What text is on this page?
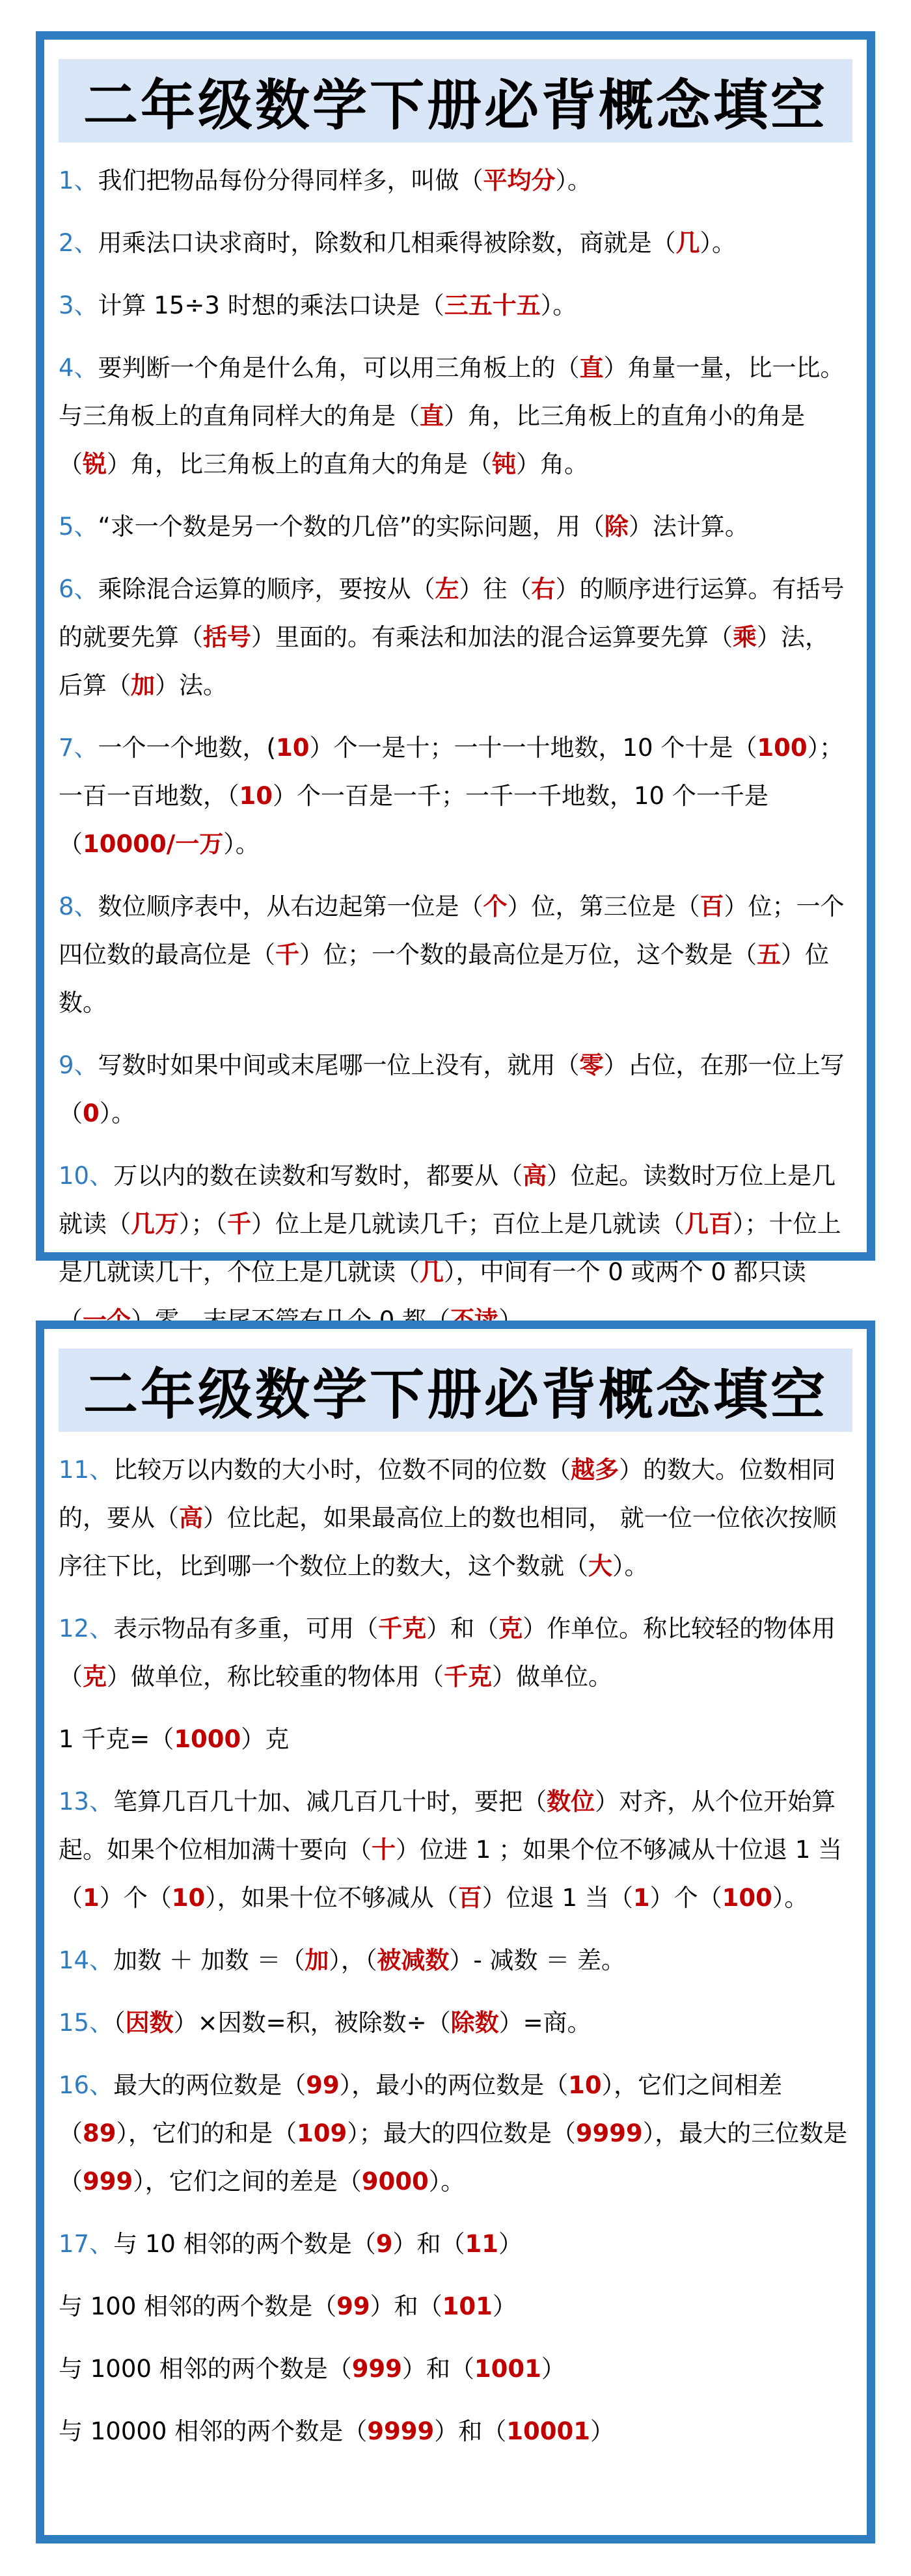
二年级数学下册必背概念填空

1、我们把物品每份分得同样多，叫做（平均分）。

2、用乘法口诀求商时，除数和几相乘得被除数，商就是（几）。

3、计算 15÷3 时想的乘法口诀是（三五十五）。

4、要判断一个角是什么角，可以用三角板上的（直）角量一量，比一比。与三角板上的直角同样大的角是（直）角，比三角板上的直角小的角是（锐）角，比三角板上的直角大的角是（钝）角。

5、“求一个数是另一个数的几倍”的实际问题，用（除）法计算。

6、乘除混合运算的顺序，要按从（左）往（右）的顺序进行运算。有括号的就要先算（括号）里面的。有乘法和加法的混合运算要先算（乘）法，后算（加）法。

7、一个一个地数，(10）个一是十；一十一十地数，10 个十是（100）；一百一百地数，（10）个一百是一千；一千一千地数，10 个一千是（10000/一万）。

8、数位顺序表中，从右边起第一位是（个）位，第三位是（百）位；一个四位数的最高位是（千）位；一个数的最高位是万位，这个数是（五）位数。

9、写数时如果中间或末尾哪一位上没有，就用（零）占位，在那一位上写（0）。

10、万以内的数在读数和写数时，都要从（高）位起。读数时万位上是几就读（几万）；（千）位上是几就读几千；百位上是几就读（几百）；十位上是几就读几十，个位上是几就读（几），中间有一个 0 或两个 0 都只读

二年级数学下册必背概念填空

11、比较万以内数的大小时，位数不同的位数（越多）的数大。位数相同的，要从（高）位比起，如果最高位上的数也相同， 就一位一位依次按顺序往下比，比到哪一个数位上的数大，这个数就（大）。

12、表示物品有多重，可用（千克）和（克）作单位。称比较轻的物体用（克）做单位，称比较重的物体用（千克）做单位。

1 千克=（1000）克

13、笔算几百几十加、减几百几十时，要把（数位）对齐，从个位开始算起。如果个位相加满十要向（十）位进 1 ；如果个位不够减从十位退 1 当（1）个（10），如果十位不够减从（百）位退 1 当（1）个（100）。

14、加数 ＋ 加数 ＝（加），（被减数）- 减数 ＝ 差。

15、（因数）×因数=积，被除数÷（除数）=商。

16、最大的两位数是（99），最小的两位数是（10），它们之间相差（89），它们的和是（109）；最大的四位数是（9999），最大的三位数是（999），它们之间的差是（9000）。

17、与 10 相邻的两个数是（9）和（11）

与 100 相邻的两个数是（99）和（101）

与 1000 相邻的两个数是（999）和（1001）

与 10000 相邻的两个数是（9999）和（10001）
